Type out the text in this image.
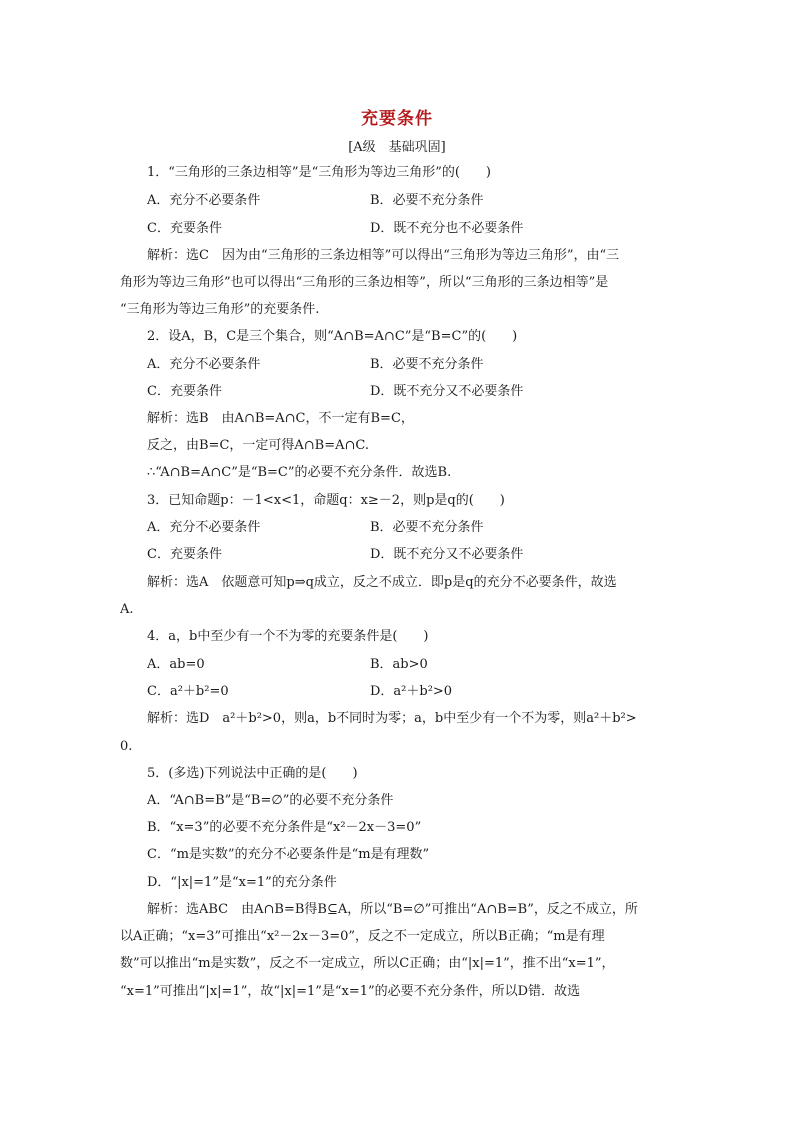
充要条件
[A级　基础巩固]
1．“三角形的三条边相等”是“三角形为等边三角形”的(　　)
A．充分不必要条件	B．必要不充分条件
C．充要条件	D．既不充分也不必要条件
解析：选C　因为由“三角形的三条边相等”可以得出“三角形为等边三角形”，由“三
角形为等边三角形”也可以得出“三角形的三条边相等”，所以“三角形的三条边相等”是
“三角形为等边三角形”的充要条件.
2．设A，B，C是三个集合，则“A∩B=A∩C”是“B=C”的(　　)
A．充分不必要条件	B．必要不充分条件
C．充要条件	D．既不充分又不必要条件
解析：选B　由A∩B=A∩C，不一定有B=C，
反之，由B=C，一定可得A∩B=A∩C.
∴“A∩B=A∩C”是“B=C”的必要不充分条件．故选B.
3．已知命题p：－1<x<1，命题q：x≥－2，则p是q的(　　)
A．充分不必要条件	B．必要不充分条件
C．充要条件	D．既不充分又不必要条件
解析：选A　依题意可知p⇒q成立，反之不成立．即p是q的充分不必要条件，故选
A.
4．a，b中至少有一个不为零的充要条件是(　　)
A．ab=0	B．ab>0
C．a²＋b²=0	D．a²＋b²>0
解析：选D　a²＋b²>0，则a，b不同时为零；a，b中至少有一个不为零，则a²＋b²>
0.
5．(多选)下列说法中正确的是(　　)
A．“A∩B=B”是“B=∅”的必要不充分条件
B．“x=3”的必要不充分条件是“x²－2x－3=0”
C．“m是实数”的充分不必要条件是“m是有理数”
D．“|x|=1”是“x=1”的充分条件
解析：选ABC　由A∩B=B得B⊆A，所以“B=∅”可推出“A∩B=B”，反之不成立，所
以A正确；“x=3”可推出“x²－2x－3=0”，反之不一定成立，所以B正确；“m是有理
数”可以推出“m是实数”，反之不一定成立，所以C正确；由“|x|=1”，推不出“x=1”，
“x=1”可推出“|x|=1”，故“|x|=1”是“x=1”的必要不充分条件，所以D错．故选
